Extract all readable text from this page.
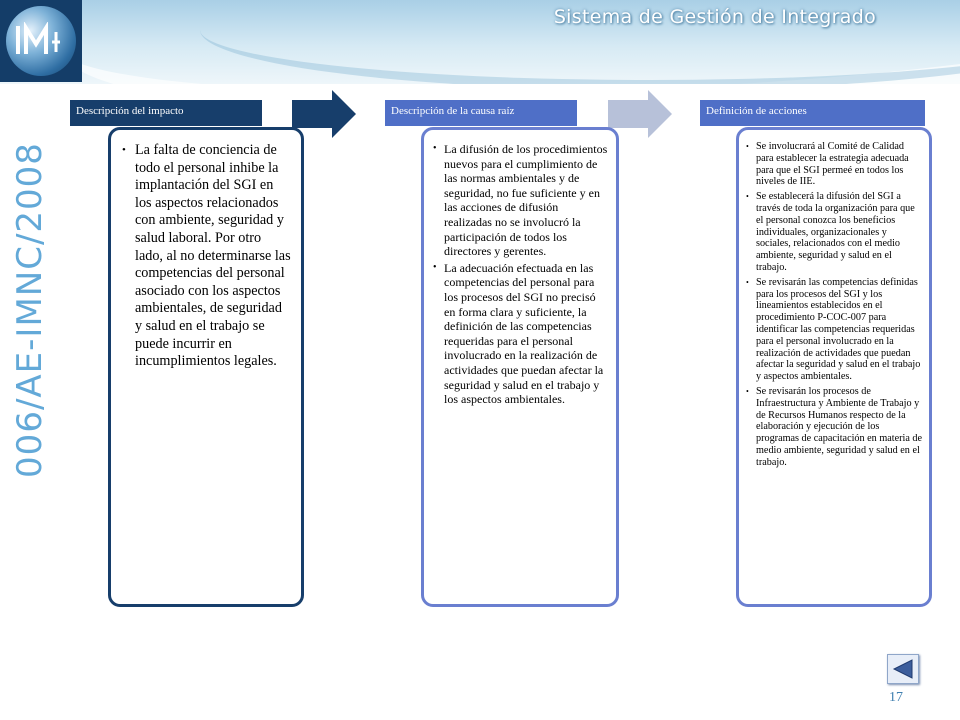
Sistema de Gestión de Integrado
006/AE-IMNC/2008
Descripción del impacto	Descripción de la causa raíz	Definición de acciones
• La falta de conciencia de todo el personal inhibe la implantación del SGI en los aspectos relacionados con ambiente, seguridad y salud laboral. Por otro lado, al no determinarse las competencias del personal asociado con los aspectos ambientales, de seguridad y salud en el trabajo se puede incurrir en incumplimientos legales.
• La difusión de los procedimientos nuevos para el cumplimiento de las normas ambientales y de seguridad, no fue suficiente y en las acciones de difusión realizadas no se involucró la participación de todos los directores y gerentes.
• La adecuación efectuada en las competencias del personal para los procesos del SGI no precisó en forma clara y suficiente, la definición de las competencias requeridas para el personal involucrado en la realización de actividades que puedan afectar la seguridad y salud en el trabajo y los aspectos ambientales.
• Se involucrará al Comité de Calidad para establecer la estrategia adecuada para que el SGI permeé en todos los niveles de IIE.
• Se establecerá la difusión del SGI a través de toda la organización para que el personal conozca los beneficios individuales, organizacionales y sociales, relacionados con el medio ambiente, seguridad y salud en el trabajo.
• Se revisarán las competencias definidas para los procesos del SGI y los lineamientos establecidos en el procedimiento P-COC-007 para identificar las competencias requeridas para el personal involucrado en la realización de actividades que puedan afectar la seguridad y salud en el trabajo y aspectos ambientales.
• Se revisarán los procesos de Infraestructura y Ambiente de Trabajo y de Recursos Humanos respecto de la elaboración y ejecución de los programas de capacitación en materia de medio ambiente, seguridad y salud en el trabajo.
17
